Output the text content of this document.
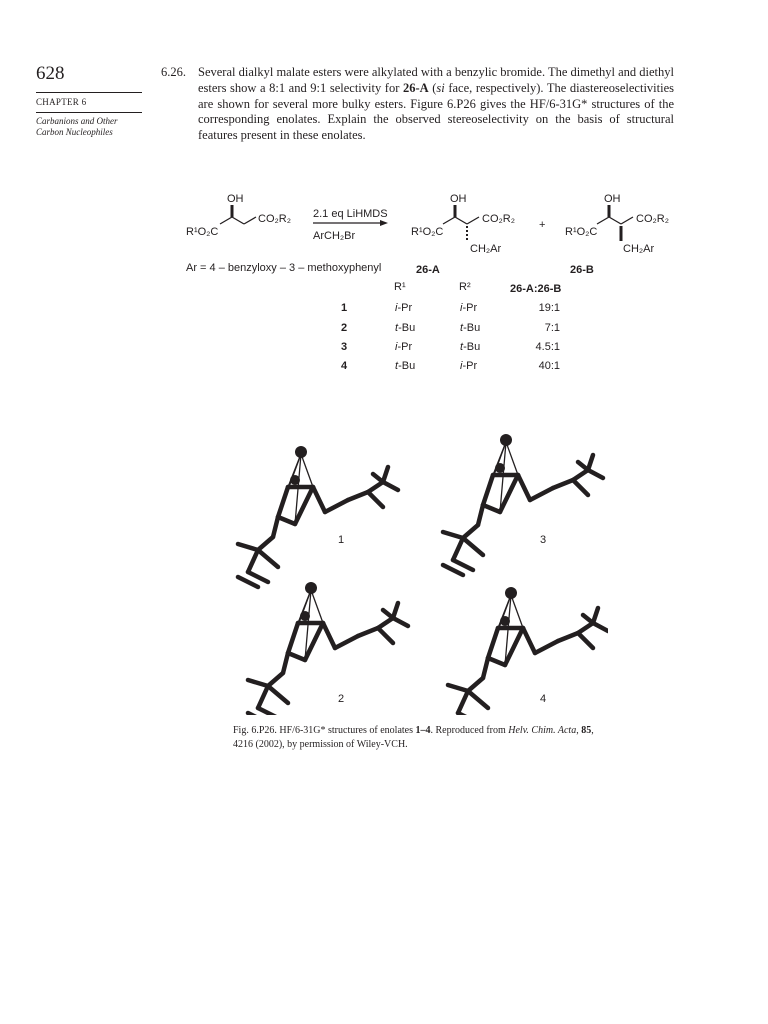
628
CHAPTER 6
Carbanions and Other Carbon Nucleophiles
6.26. Several dialkyl malate esters were alkylated with a benzylic bromide. The dimethyl and diethyl esters show a 8:1 and 9:1 selectivity for 26-A (si face, respectively). The diastereoselectivities are shown for several more bulky esters. Figure 6.P26 gives the HF/6-31G* structures of the corresponding enolates. Explain the observed stereoselectivity on the basis of structural features present in these enolates.
OH
R¹O₂C
CO₂R₂ 2.1 eq LiHMDS
ArCH₂Br
OH
R¹O₂C
CO₂R₂
CH₂Ar
+
OH
R¹O₂C
CO₂R₂
CH₂Ar
26-A	26-B
Ar = 4 – benzyloxy – 3 – methoxyphenyl
R¹	R²	26-A:26-B
1	i-Pr	i-Pr	19:1
2	t-Bu	t-Bu	7:1
3	i-Pr	t-Bu	4.5:1
4	t-Bu	i-Pr	40:1
1	3
2	4
Fig. 6.P26. HF/6-31G* structures of enolates 1–4. Reproduced from Helv. Chim. Acta, 85, 4216 (2002), by permission of Wiley-VCH.
